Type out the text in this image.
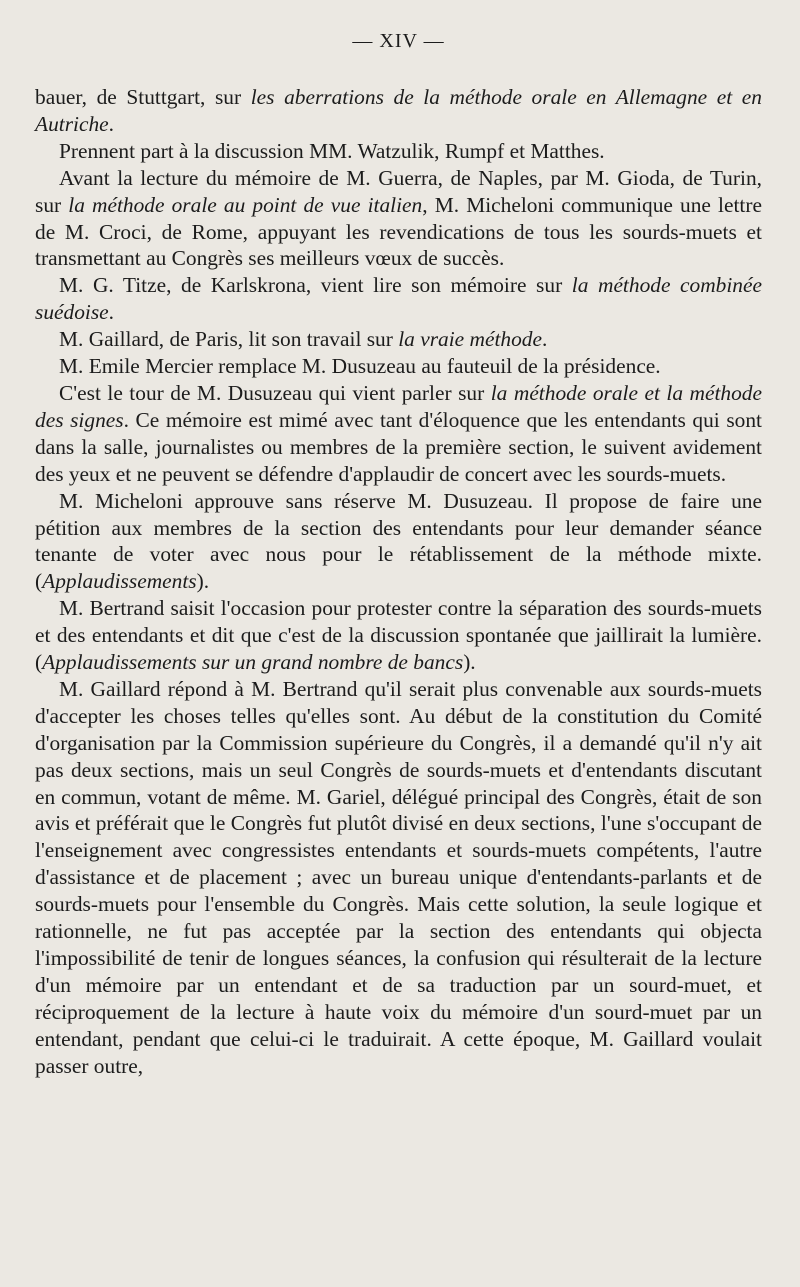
— XIV —

bauer, de Stuttgart, sur les aberrations de la méthode orale en Allemagne et en Autriche.

Prennent part à la discussion MM. Watzulik, Rumpf et Matthes.

Avant la lecture du mémoire de M. Guerra, de Naples, par M. Gioda, de Turin, sur la méthode orale au point de vue italien, M. Micheloni communique une lettre de M. Croci, de Rome, appuyant les revendications de tous les sourds-muets et transmettant au Congrès ses meilleurs vœux de succès.

M. G. Titze, de Karlskrona, vient lire son mémoire sur la méthode combinée suédoise.

M. Gaillard, de Paris, lit son travail sur la vraie méthode.

M. Emile Mercier remplace M. Dusuzeau au fauteuil de la présidence.

C'est le tour de M. Dusuzeau qui vient parler sur la méthode orale et la méthode des signes. Ce mémoire est mimé avec tant d'éloquence que les entendants qui sont dans la salle, journalistes ou membres de la première section, le suivent avidement des yeux et ne peuvent se défendre d'applaudir de concert avec les sourds-muets.

M. Micheloni approuve sans réserve M. Dusuzeau. Il propose de faire une pétition aux membres de la section des entendants pour leur demander séance tenante de voter avec nous pour le rétablissement de la méthode mixte. (Applaudissements).

M. Bertrand saisit l'occasion pour protester contre la séparation des sourds-muets et des entendants et dit que c'est de la discussion spontanée que jaillirait la lumière. (Applaudissements sur un grand nombre de bancs).

M. Gaillard répond à M. Bertrand qu'il serait plus convenable aux sourds-muets d'accepter les choses telles qu'elles sont. Au début de la constitution du Comité d'organisation par la Commission supérieure du Congrès, il a demandé qu'il n'y ait pas deux sections, mais un seul Congrès de sourds-muets et d'entendants discutant en commun, votant de même. M. Gariel, délégué principal des Congrès, était de son avis et préférait que le Congrès fut plutôt divisé en deux sections, l'une s'occupant de l'enseignement avec congressistes entendants et sourds-muets compétents, l'autre d'assistance et de placement ; avec un bureau unique d'entendants-parlants et de sourds-muets pour l'ensemble du Congrès. Mais cette solution, la seule logique et rationnelle, ne fut pas acceptée par la section des entendants qui objecta l'impossibilité de tenir de longues séances, la confusion qui résulterait de la lecture d'un mémoire par un entendant et de sa traduction par un sourd-muet, et réciproquement de la lecture à haute voix du mémoire d'un sourd-muet par un entendant, pendant que celui-ci le traduirait. A cette époque, M. Gaillard voulait passer outre,
